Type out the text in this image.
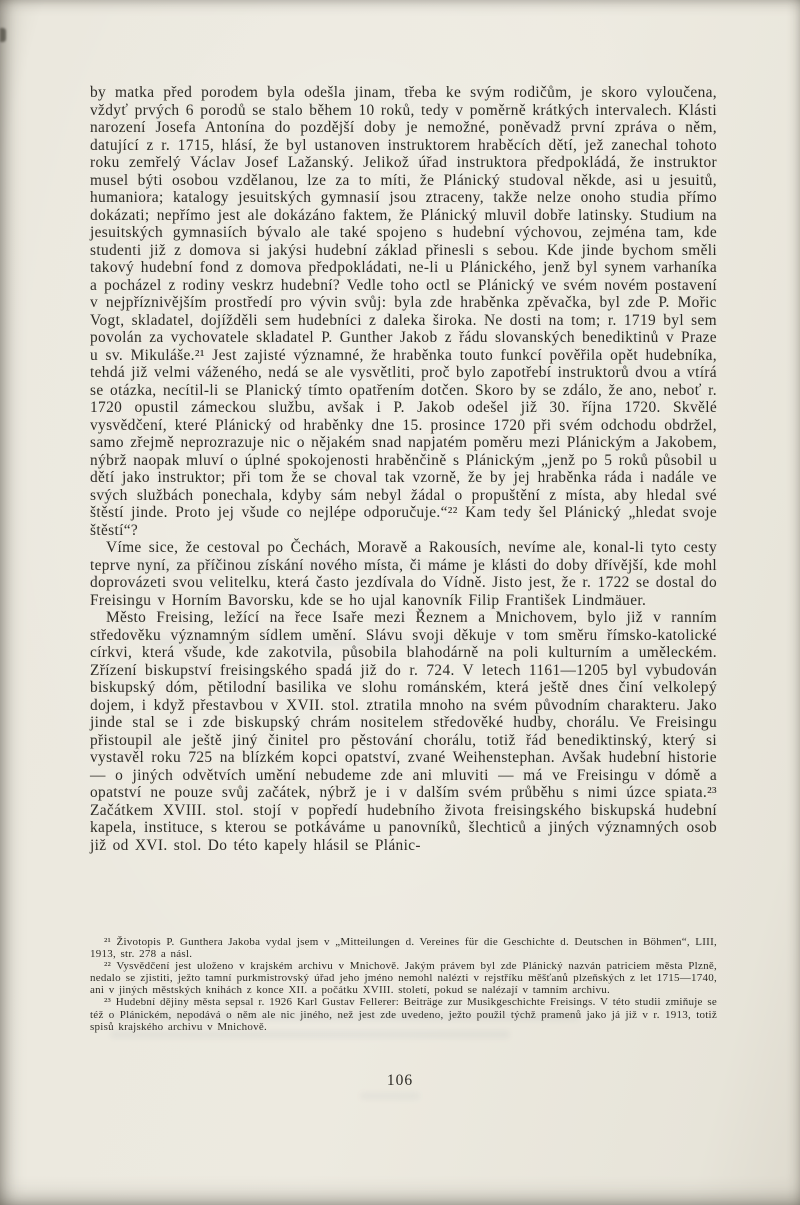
by matka před porodem byla odešla jinam, třeba ke svým rodičům, je skoro vyloučena, vždyť prvých 6 porodů se stalo během 10 roků, tedy v poměrně krátkých intervalech. Klásti narození Josefa Antonína do pozdější doby je nemožné, poněvadž první zpráva o něm, datující z r. 1715, hlásí, že byl ustanoven instruktorem hraběcích dětí, jež zanechal tohoto roku zemřelý Václav Josef Lažanský. Jelikož úřad instruktora předpokládá, že instruktor musel býti osobou vzdělanou, lze za to míti, že Plánický studoval někde, asi u jesuitů, humaniora; katalogy jesuitských gymnasií jsou ztraceny, takže nelze onoho studia přímo dokázati; nepřímo jest ale dokázáno faktem, že Plánický mluvil dobře latinsky. Studium na jesuitských gymnasiích bývalo ale také spojeno s hudební výchovou, zejména tam, kde studenti již z domova si jakýsi hudební základ přinesli s sebou. Kde jinde bychom směli takový hudební fond z domova předpokládati, ne-li u Plánického, jenž byl synem varhaníka a pocházel z rodiny veskrz hudební? Vedle toho octl se Plánický ve svém novém postavení v nejpříznivějším prostředí pro vývin svůj: byla zde hraběnka zpěvačka, byl zde P. Mořic Vogt, skladatel, dojížděli sem hudebníci z daleka široka. Ne dosti na tom; r. 1719 byl sem povolán za vychovatele skladatel P. Gunther Jakob z řádu slovanských benediktinů v Praze u sv. Mikuláše.²¹ Jest zajisté významné, že hraběnka touto funkcí pověřila opět hudebníka, tehdá již velmi váženého, nedá se ale vysvětliti, proč bylo zapotřebí instruktorů dvou a vtírá se otázka, necítil-li se Planický tímto opatřením dotčen. Skoro by se zdálo, že ano, neboť r. 1720 opustil zámeckou službu, avšak i P. Jakob odešel již 30. října 1720. Skvělé vysvědčení, které Plánický od hraběnky dne 15. prosince 1720 při svém odchodu obdržel, samo zřejmě neprozrazuje nic o nějakém snad napjatém poměru mezi Plánickým a Jakobem, nýbrž naopak mluví o úplné spokojenosti hraběnčině s Plánickým „jenž po 5 roků působil u dětí jako instruktor; při tom že se choval tak vzorně, že by jej hraběnka ráda i nadále ve svých službách ponechala, kdyby sám nebyl žádal o propuštění z místa, aby hledal své štěstí jinde. Proto jej všude co nejlépe odporučuje.“²² Kam tedy šel Plánický „hledat svoje štěstí“?

Víme sice, že cestoval po Čechách, Moravě a Rakousích, nevíme ale, konal-li tyto cesty teprve nyní, za příčinou získání nového místa, či máme je klásti do doby dřívější, kde mohl doprovázeti svou velitelku, která často jezdívala do Vídně. Jisto jest, že r. 1722 se dostal do Freisingu v Horním Bavorsku, kde se ho ujal kanovník Filip František Lindmäuer.

Město Freising, ležící na řece Isaře mezi Řeznem a Mnichovem, bylo již v ranním středověku významným sídlem umění. Slávu svoji děkuje v tom směru římsko-katolické církvi, která všude, kde zakotvila, působila blahodárně na poli kulturním a uměleckém. Zřízení biskupství freisingského spadá již do r. 724. V letech 1161—1205 byl vybudován biskupský dóm, pětilodní basilika ve slohu románském, která ještě dnes činí velkolepý dojem, i když přestavbou v XVII. stol. ztratila mnoho na svém původním charakteru. Jako jinde stal se i zde biskupský chrám nositelem středověké hudby, chorálu. Ve Freisingu přistoupil ale ještě jiný činitel pro pěstování chorálu, totiž řád benediktinský, který si vystavěl roku 725 na blízkém kopci opatství, zvané Weihenstephan. Avšak hudební historie — o jiných odvětvích umění nebudeme zde ani mluviti — má ve Freisingu v dómě a opatství ne pouze svůj začátek, nýbrž je i v dalším svém průběhu s nimi úzce spiata.²³ Začátkem XVIII. stol. stojí v popředí hudebního života freisingského biskupská hudební kapela, instituce, s kterou se potkáváme u panovníků, šlechticů a jiných významných osob již od XVI. stol. Do této kapely hlásil se Plánic-

²¹ Životopis P. Gunthera Jakoba vydal jsem v „Mitteilungen d. Vereines für die Geschichte d. Deutschen in Böhmen“, LIII, 1913, str. 278 a násl.

²² Vysvědčení jest uloženo v krajském archivu v Mnichově. Jakým právem byl zde Plánický nazván patriciem města Plzně, nedalo se zjistiti, ježto tamní purkmistrovský úřad jeho jméno nemohl nalézti v rejstříku měšťanů plzeňských z let 1715—1740, ani v jiných městských knihách z konce XII. a počátku XVIII. století, pokud se nalézají v tamním archivu.

²³ Hudební dějiny města sepsal r. 1926 Karl Gustav Fellerer: Beiträge zur Musikgeschichte Freisings. V této studii zmiňuje se též o Plánickém, nepodává o něm ale nic jiného, než jest zde uvedeno, ježto použil týchž pramenů jako já již v r. 1913, totiž spisů krajského archivu v Mnichově.

106
